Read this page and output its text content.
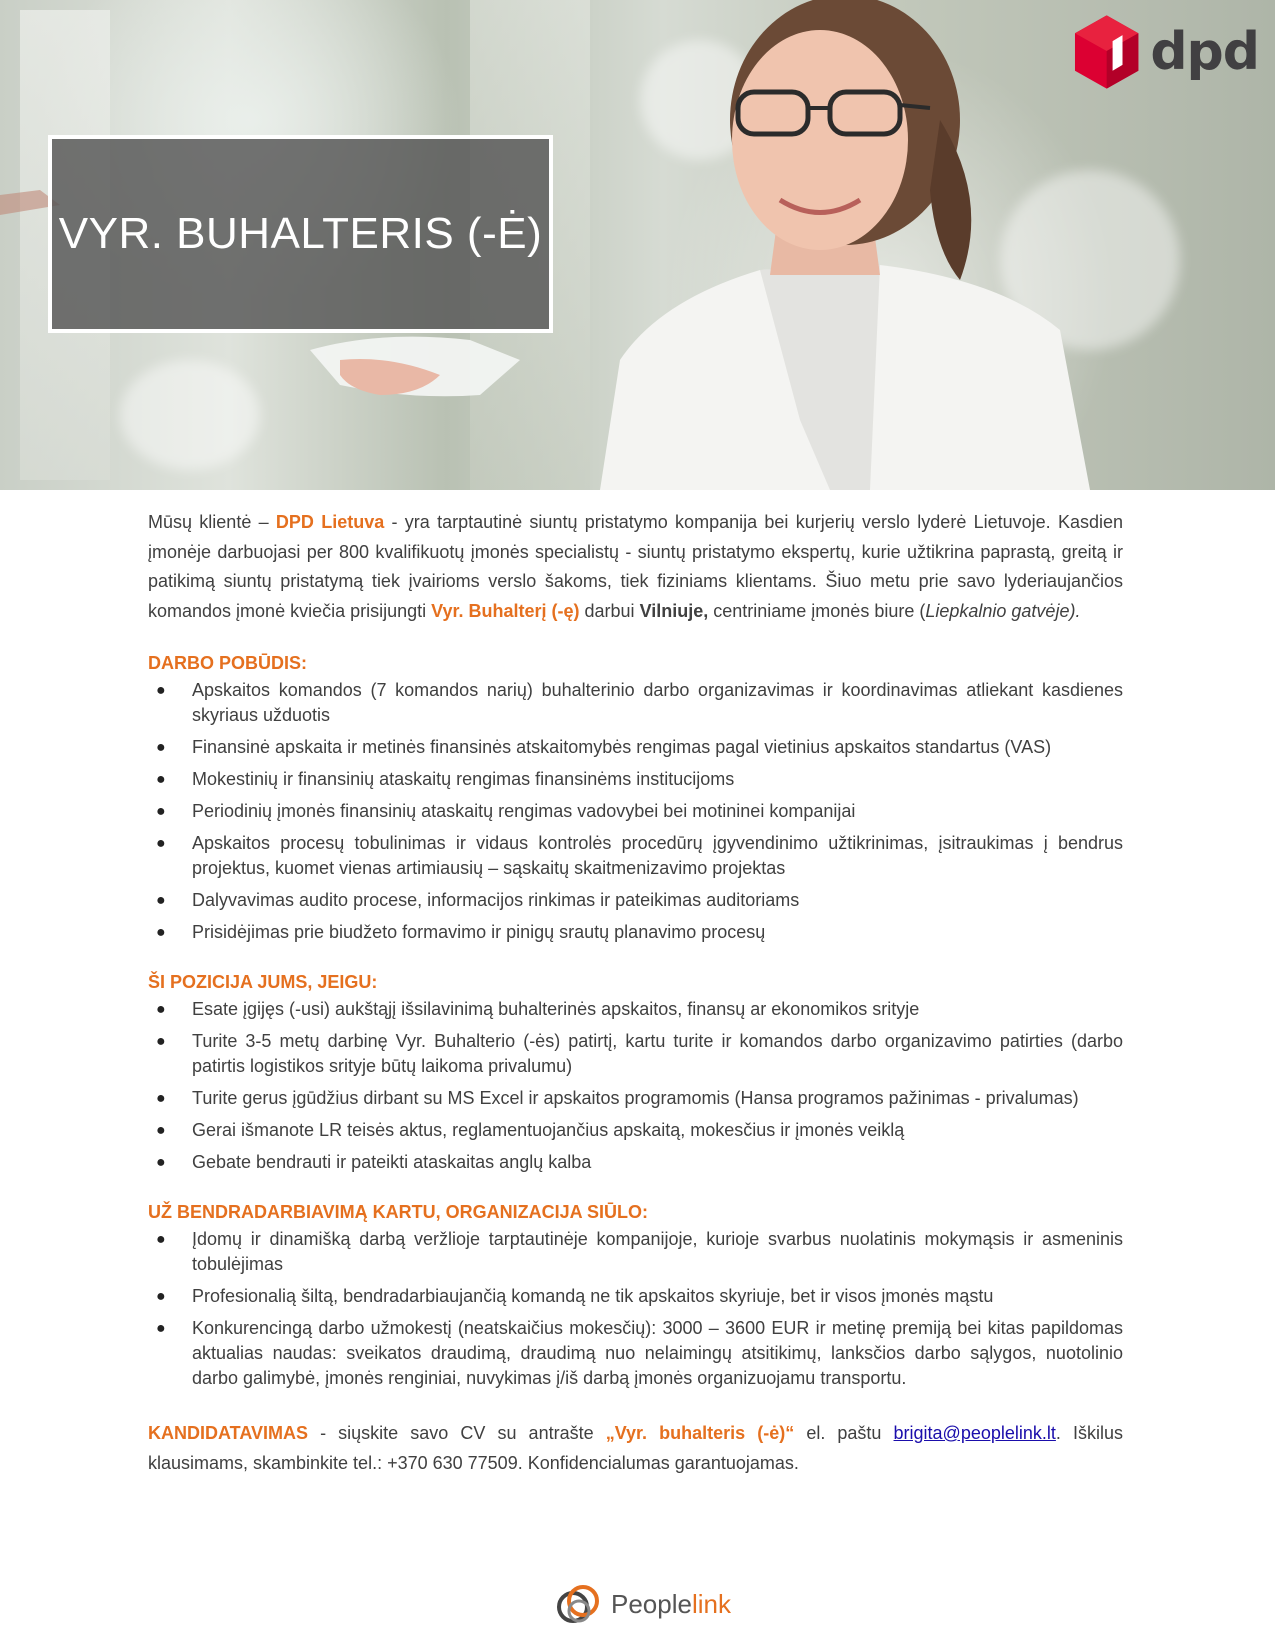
VYR. BUHALTERIS (-Ė)
dpd

Mūsų klientė – DPD Lietuva - yra tarptautinė siuntų pristatymo kompanija bei kurjerių verslo lyderė Lietuvoje. Kasdien įmonėje darbuojasi per 800 kvalifikuotų įmonės specialistų - siuntų pristatymo ekspertų, kurie užtikrina paprastą, greitą ir patikimą siuntų pristatymą tiek įvairioms verslo šakoms, tiek fiziniams klientams. Šiuo metu prie savo lyderiaujančios komandos įmonė kviečia prisijungti Vyr. Buhalterį (-ę) darbui Vilniuje, centriniame įmonės biure (Liepkalnio gatvėje).

DARBO POBŪDIS:
● Apskaitos komandos (7 komandos narių) buhalterinio darbo organizavimas ir koordinavimas atliekant kasdienes skyriaus užduotis
● Finansinė apskaita ir metinės finansinės atskaitomybės rengimas pagal vietinius apskaitos standartus (VAS)
● Mokestinių ir finansinių ataskaitų rengimas finansinėms institucijoms
● Periodinių įmonės finansinių ataskaitų rengimas vadovybei bei motininei kompanijai
● Apskaitos procesų tobulinimas ir vidaus kontrolės procedūrų įgyvendinimo užtikrinimas, įsitraukimas į bendrus projektus, kuomet vienas artimiausių – sąskaitų skaitmenizavimo projektas
● Dalyvavimas audito procese, informacijos rinkimas ir pateikimas auditoriams
● Prisidėjimas prie biudžeto formavimo ir pinigų srautų planavimo procesų
ŠI POZICIJA JUMS, JEIGU:
● Esate įgijęs (-usi) aukštąjį išsilavinimą buhalterinės apskaitos, finansų ar ekonomikos srityje
● Turite 3-5 metų darbinę Vyr. Buhalterio (-ės) patirtį, kartu turite ir komandos darbo organizavimo patirties (darbo patirtis logistikos srityje būtų laikoma privalumu)
● Turite gerus įgūdžius dirbant su MS Excel ir apskaitos programomis (Hansa programos pažinimas - privalumas)
● Gerai išmanote LR teisės aktus, reglamentuojančius apskaitą, mokesčius ir įmonės veiklą
● Gebate bendrauti ir pateikti ataskaitas anglų kalba
UŽ BENDRADARBIAVIMĄ KARTU, ORGANIZACIJA SIŪLO:
● Įdomų ir dinamišką darbą veržlioje tarptautinėje kompanijoje, kurioje svarbus nuolatinis mokymąsis ir asmeninis tobulėjimas
● Profesionalią šiltą, bendradarbiaujančią komandą ne tik apskaitos skyriuje, bet ir visos įmonės mąstu
● Konkurencingą darbo užmokestį (neatskaičius mokesčių): 3000 – 3600 EUR ir metinę premiją bei kitas papildomas aktualias naudas: sveikatos draudimą, draudimą nuo nelaimingų atsitikimų, lanksčios darbo sąlygos, nuotolinio darbo galimybė, įmonės renginiai, nuvykimas į/iš darbą įmonės organizuojamu transportu.
KANDIDATAVIMAS - siųskite savo CV su antrašte „Vyr. buhalteris (-ė)“ el. paštu brigita@peoplelink.lt. Iškilus klausimams, skambinkite tel.: +370 630 77509. Konfidencialumas garantuojamas.
Peoplelink
